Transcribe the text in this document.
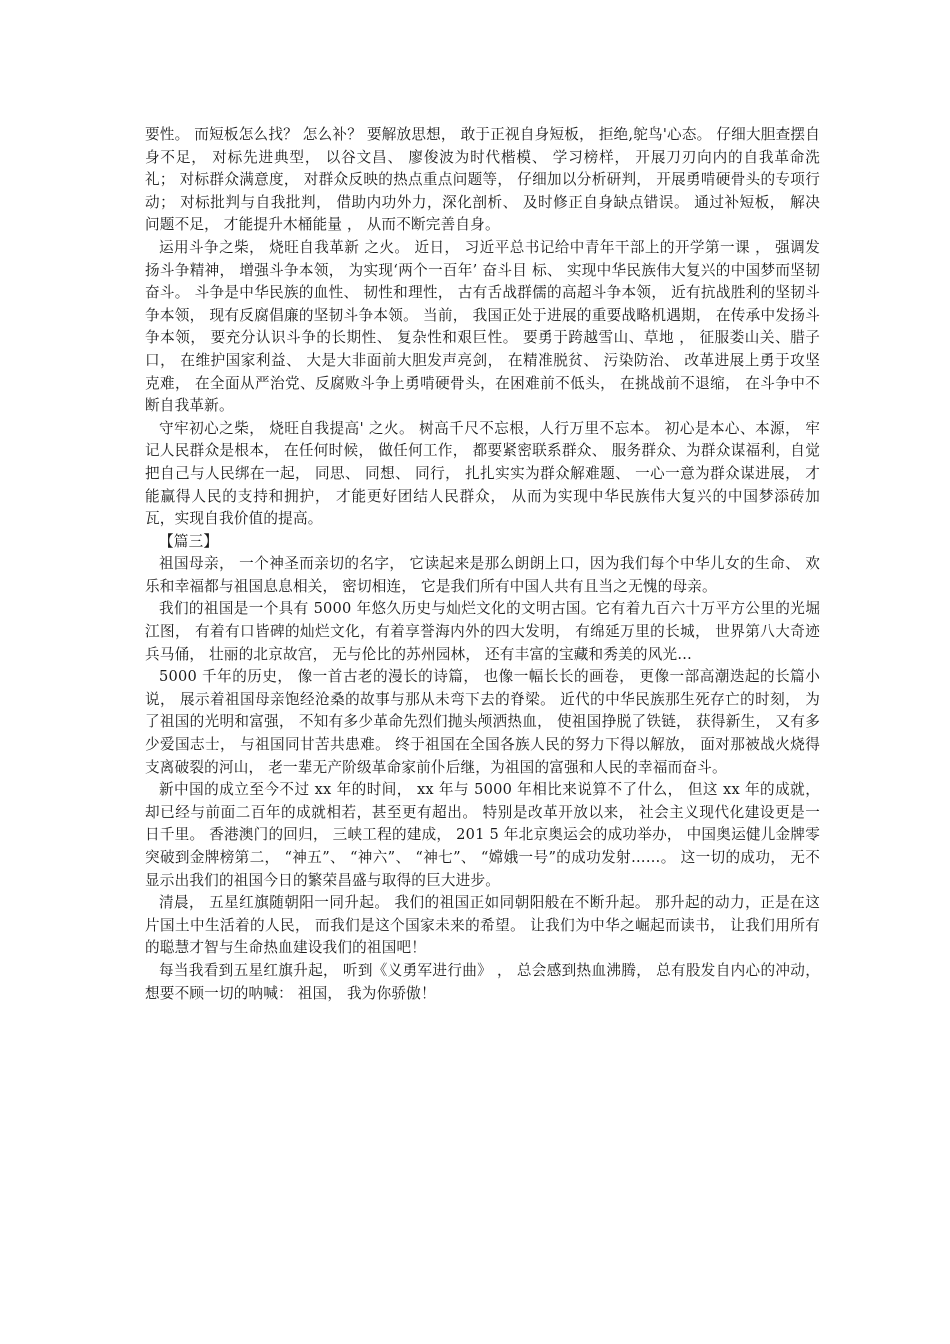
要性。 而短板怎么找？ 怎么补？ 要解放思想， 敢于正视自身短板， 拒绝,鸵鸟'心态。 仔细大胆查摆自身不足， 对标先进典型， 以谷文昌、 廖俊波为时代楷模、 学习榜样， 开展刀刃向内的自我革命洗礼； 对标群众满意度， 对群众反映的热点重点问题等， 仔细加以分析研判， 开展勇啃硬骨头的专项行动； 对标批判与自我批判， 借助内功外力，深化剖析、 及时修正自身缺点错误。 通过补短板， 解决问题不足， 才能提升木桶能量 ， 从而不断完善自身。

运用斗争之柴， 烧旺自我革新 之火。 近日， 习近平总书记给中青年干部上的开学第一课 ， 强调发扬斗争精神， 增强斗争本领， 为实现‘两个一百年’ 奋斗目 标、 实现中华民族伟大复兴的中国梦而坚韧奋斗。 斗争是中华民族的血性、 韧性和理性， 古有舌战群儒的高超斗争本领， 近有抗战胜利的坚韧斗争本领， 现有反腐倡廉的坚韧斗争本领。 当前， 我国正处于进展的重要战略机遇期， 在传承中发扬斗争本领， 要充分认识斗争的长期性、 复杂性和艰巨性。 要勇于跨越雪山、草地 ， 征服娄山关、腊子口， 在维护国家利益、 大是大非面前大胆发声亮剑， 在精准脱贫、 污染防治、 改革进展上勇于攻坚克难， 在全面从严治党、反腐败斗争上勇啃硬骨头，在困难前不低头， 在挑战前不退缩， 在斗争中不断自我革新。

守牢初心之柴， 烧旺自我提高' 之火。 树高千尺不忘根，人行万里不忘本。 初心是本心、本源， 牢记人民群众是根本， 在任何时候， 做任何工作， 都要紧密联系群众、 服务群众、为群众谋福利，自觉把自己与人民绑在一起， 同思、 同想、 同行， 扎扎实实为群众解难题、 一心一意为群众谋进展， 才能赢得人民的支持和拥护， 才能更好团结人民群众， 从而为实现中华民族伟大复兴的中国梦添砖加瓦，实现自我价值的提高。

【篇三】

祖国母亲， 一个神圣而亲切的名字， 它读起来是那么朗朗上口，因为我们每个中华儿女的生命、 欢乐和幸福都与祖国息息相关， 密切相连， 它是我们所有中国人共有且当之无愧的母亲。

我们的祖国是一个具有 5000 年悠久历史与灿烂文化的文明古国。它有着九百六十万平方公里的光堀江图， 有着有口皆碑的灿烂文化，有着享誉海内外的四大发明， 有绵延万里的长城， 世界第八大奇迹兵马俑， 壮丽的北京故宫， 无与伦比的苏州园林， 还有丰富的宝藏和秀美的风光…

5000 千年的历史， 像一首古老的漫长的诗篇， 也像一幅长长的画卷， 更像一部高潮迭起的长篇小说， 展示着祖国母亲饱经沧桑的故事与那从未弯下去的脊梁。 近代的中华民族那生死存亡的时刻， 为了祖国的光明和富强， 不知有多少革命先烈们抛头颅洒热血， 使祖国挣脱了铁链， 获得新生， 又有多少爱国志士， 与祖国同甘苦共患难。 终于祖国在全国各族人民的努力下得以解放， 面对那被战火烧得支离破裂的河山， 老一辈无产阶级革命家前仆后继，为祖国的富强和人民的幸福而奋斗。

新中国的成立至今不过 xx 年的时间， xx 年与 5000 年相比来说算不了什么， 但这 xx 年的成就， 却已经与前面二百年的成就相若，甚至更有超出。 特别是改革开放以来， 社会主义现代化建设更是一日千里。 香港澳门的回归， 三峡工程的建成， 201 5 年北京奥运会的成功举办， 中国奥运健儿金牌零突破到金牌榜第二， “神五”、 “神六”、 “神七”、 “嫦娥一号”的成功发射……。 这一切的成功， 无不显示出我们的祖国今日的繁荣昌盛与取得的巨大进步。

清晨， 五星红旗随朝阳一同升起。 我们的祖国正如同朝阳般在不断升起。 那升起的动力，正是在这片国土中生活着的人民， 而我们是这个国家未来的希望。 让我们为中华之崛起而读书， 让我们用所有的聪慧才智与生命热血建设我们的祖国吧！

每当我看到五星红旗升起， 听到《义勇军进行曲》 ， 总会感到热血沸腾， 总有股发自内心的冲动， 想要不顾一切的呐喊： 祖国， 我为你骄傲！
